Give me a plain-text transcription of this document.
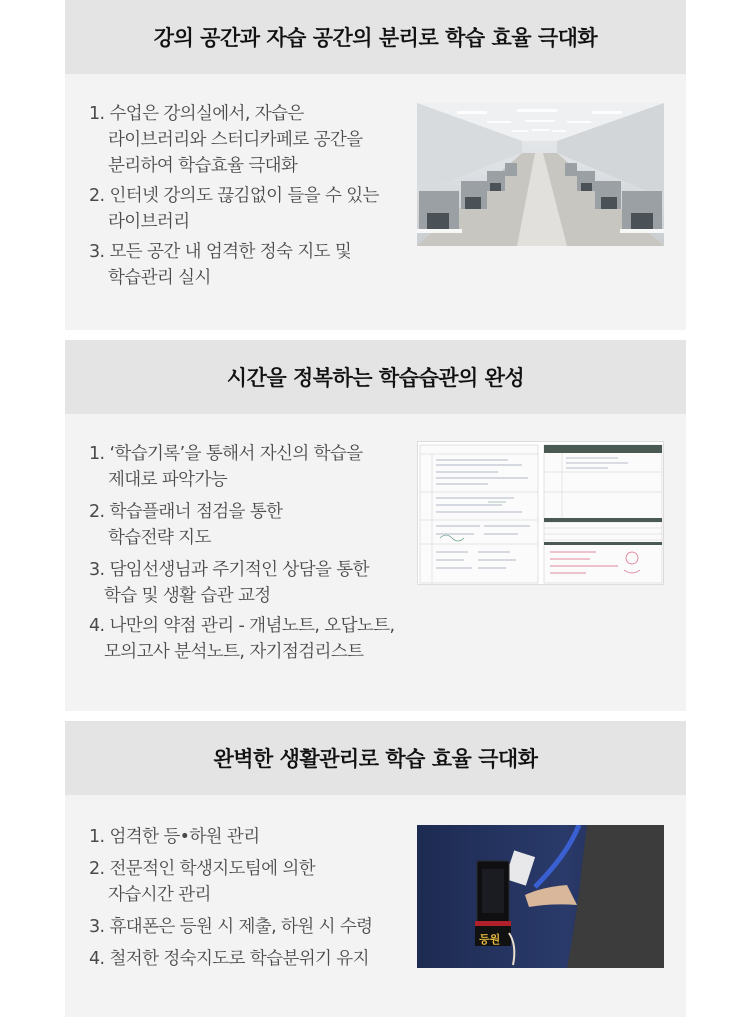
강의 공간과 자습 공간의 분리로 학습 효율 극대화
1. 수업은 강의실에서, 자습은
라이브러리와 스터디카페로 공간을
분리하여 학습효율 극대화
2. 인터넷 강의도 끊김없이 들을 수 있는
라이브러리
3. 모든 공간 내 엄격한 정숙 지도 및
학습관리 실시
시간을 정복하는 학습습관의 완성
1. ‘학습기록’을 통해서 자신의 학습을
제대로 파악가능
2. 학습플래너 점검을 통한
학습전략 지도
3. 담임선생님과 주기적인 상담을 통한
학습 및 생활 습관 교정
4. 나만의 약점 관리 - 개념노트, 오답노트,
모의고사 분석노트, 자기점검리스트
완벽한 생활관리로 학습 효율 극대화
1. 엄격한 등•하원 관리
2. 전문적인 학생지도팀에 의한
자습시간 관리
3. 휴대폰은 등원 시 제출, 하원 시 수령
4. 철저한 정숙지도로 학습분위기 유지
등원
